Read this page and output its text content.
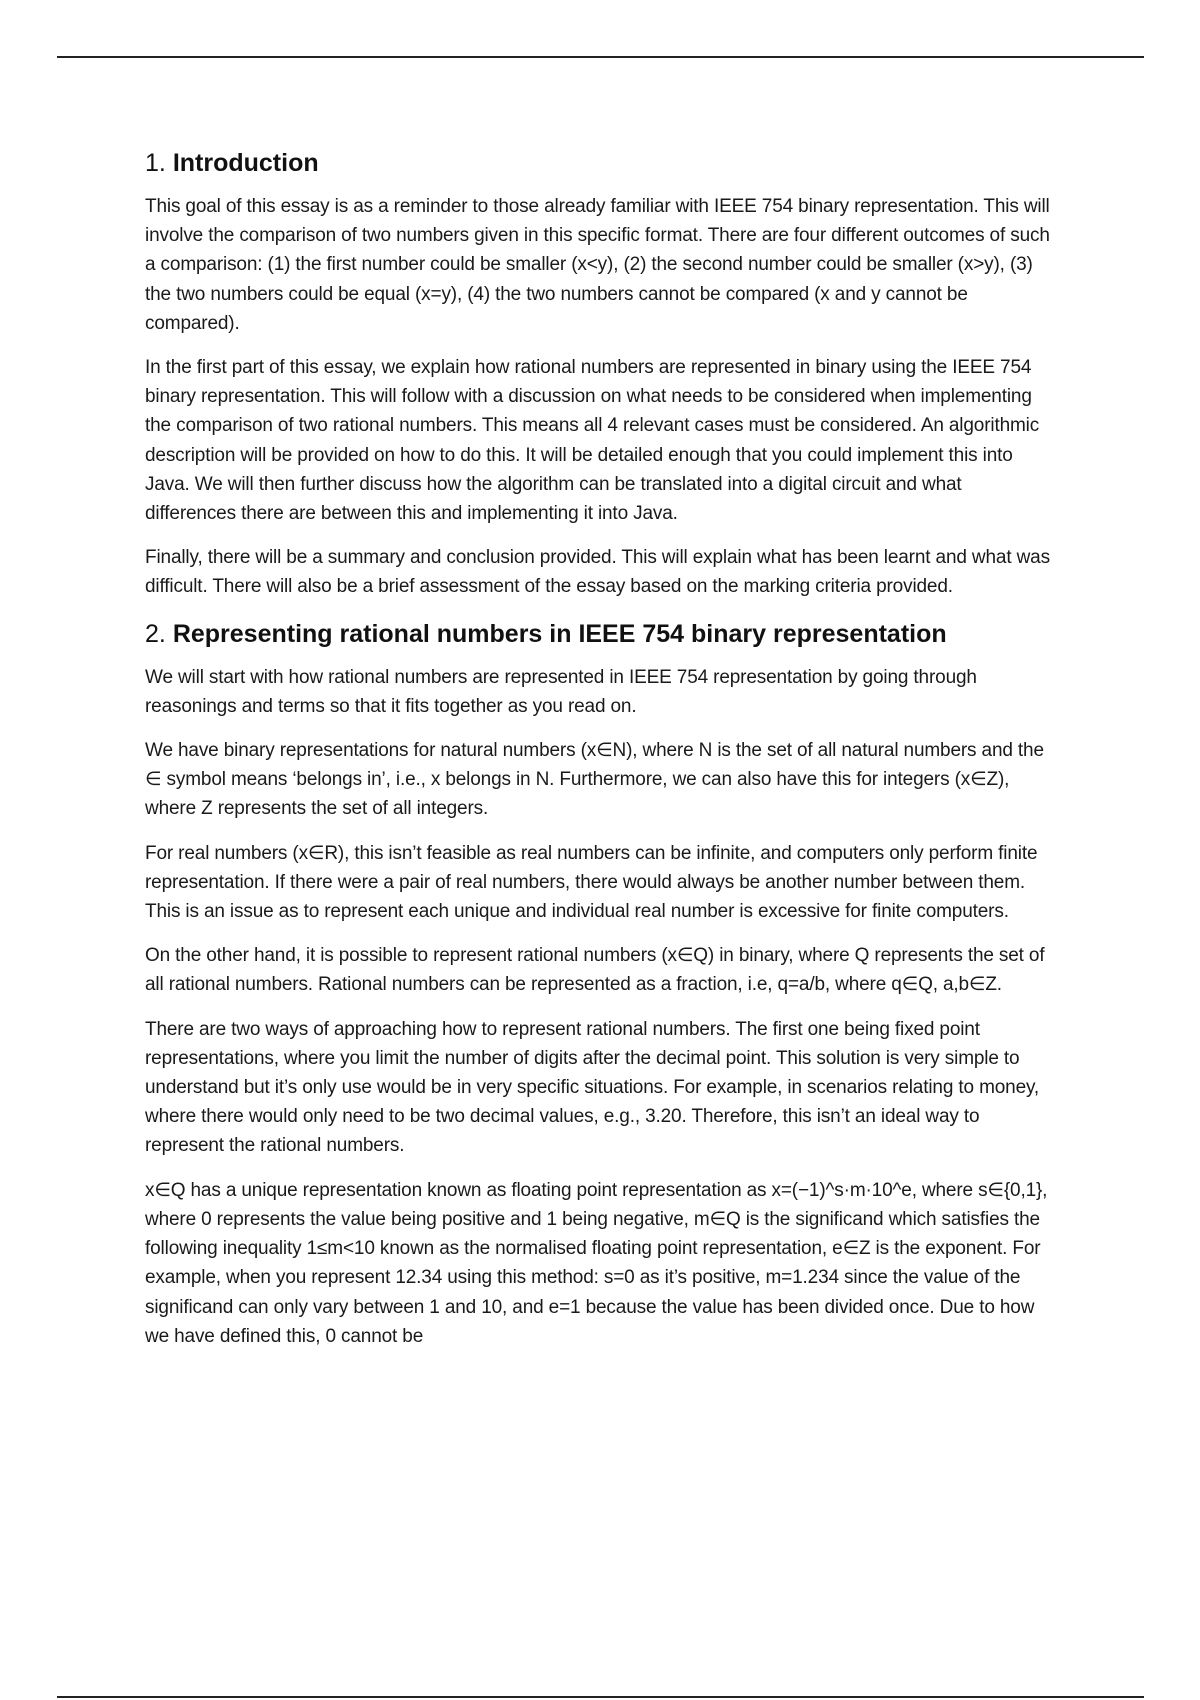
1. Introduction

This goal of this essay is as a reminder to those already familiar with IEEE 754 binary representation. This will involve the comparison of two numbers given in this specific format. There are four different outcomes of such a comparison: (1) the first number could be smaller (x<y), (2) the second number could be smaller (x>y), (3) the two numbers could be equal (x=y), (4) the two numbers cannot be compared (x and y cannot be compared).

In the first part of this essay, we explain how rational numbers are represented in binary using the IEEE 754 binary representation. This will follow with a discussion on what needs to be considered when implementing the comparison of two rational numbers. This means all 4 relevant cases must be considered. An algorithmic description will be provided on how to do this. It will be detailed enough that you could implement this into Java. We will then further discuss how the algorithm can be translated into a digital circuit and what differences there are between this and implementing it into Java.

Finally, there will be a summary and conclusion provided. This will explain what has been learnt and what was difficult. There will also be a brief assessment of the essay based on the marking criteria provided.

2. Representing rational numbers in IEEE 754 binary representation

We will start with how rational numbers are represented in IEEE 754 representation by going through reasonings and terms so that it fits together as you read on.

We have binary representations for natural numbers (x∈N), where N is the set of all natural numbers and the ∈ symbol means ‘belongs in’, i.e., x belongs in N. Furthermore, we can also have this for integers (x∈Z), where Z represents the set of all integers.

For real numbers (x∈R), this isn’t feasible as real numbers can be infinite, and computers only perform finite representation. If there were a pair of real numbers, there would always be another number between them. This is an issue as to represent each unique and individual real number is excessive for finite computers.

On the other hand, it is possible to represent rational numbers (x∈Q) in binary, where Q represents the set of all rational numbers. Rational numbers can be represented as a fraction, i.e, q=a/b, where q∈Q, a,b∈Z.

There are two ways of approaching how to represent rational numbers. The first one being fixed point representations, where you limit the number of digits after the decimal point. This solution is very simple to understand but it’s only use would be in very specific situations. For example, in scenarios relating to money, where there would only need to be two decimal values, e.g., 3.20. Therefore, this isn’t an ideal way to represent the rational numbers.

x∈Q has a unique representation known as floating point representation as x=(−1)^s·m·10^e, where s∈{0,1}, where 0 represents the value being positive and 1 being negative, m∈Q is the significand which satisfies the following inequality 1≤m<10 known as the normalised floating point representation, e∈Z is the exponent. For example, when you represent 12.34 using this method: s=0 as it’s positive, m=1.234 since the value of the significand can only vary between 1 and 10, and e=1 because the value has been divided once. Due to how we have defined this, 0 cannot be
